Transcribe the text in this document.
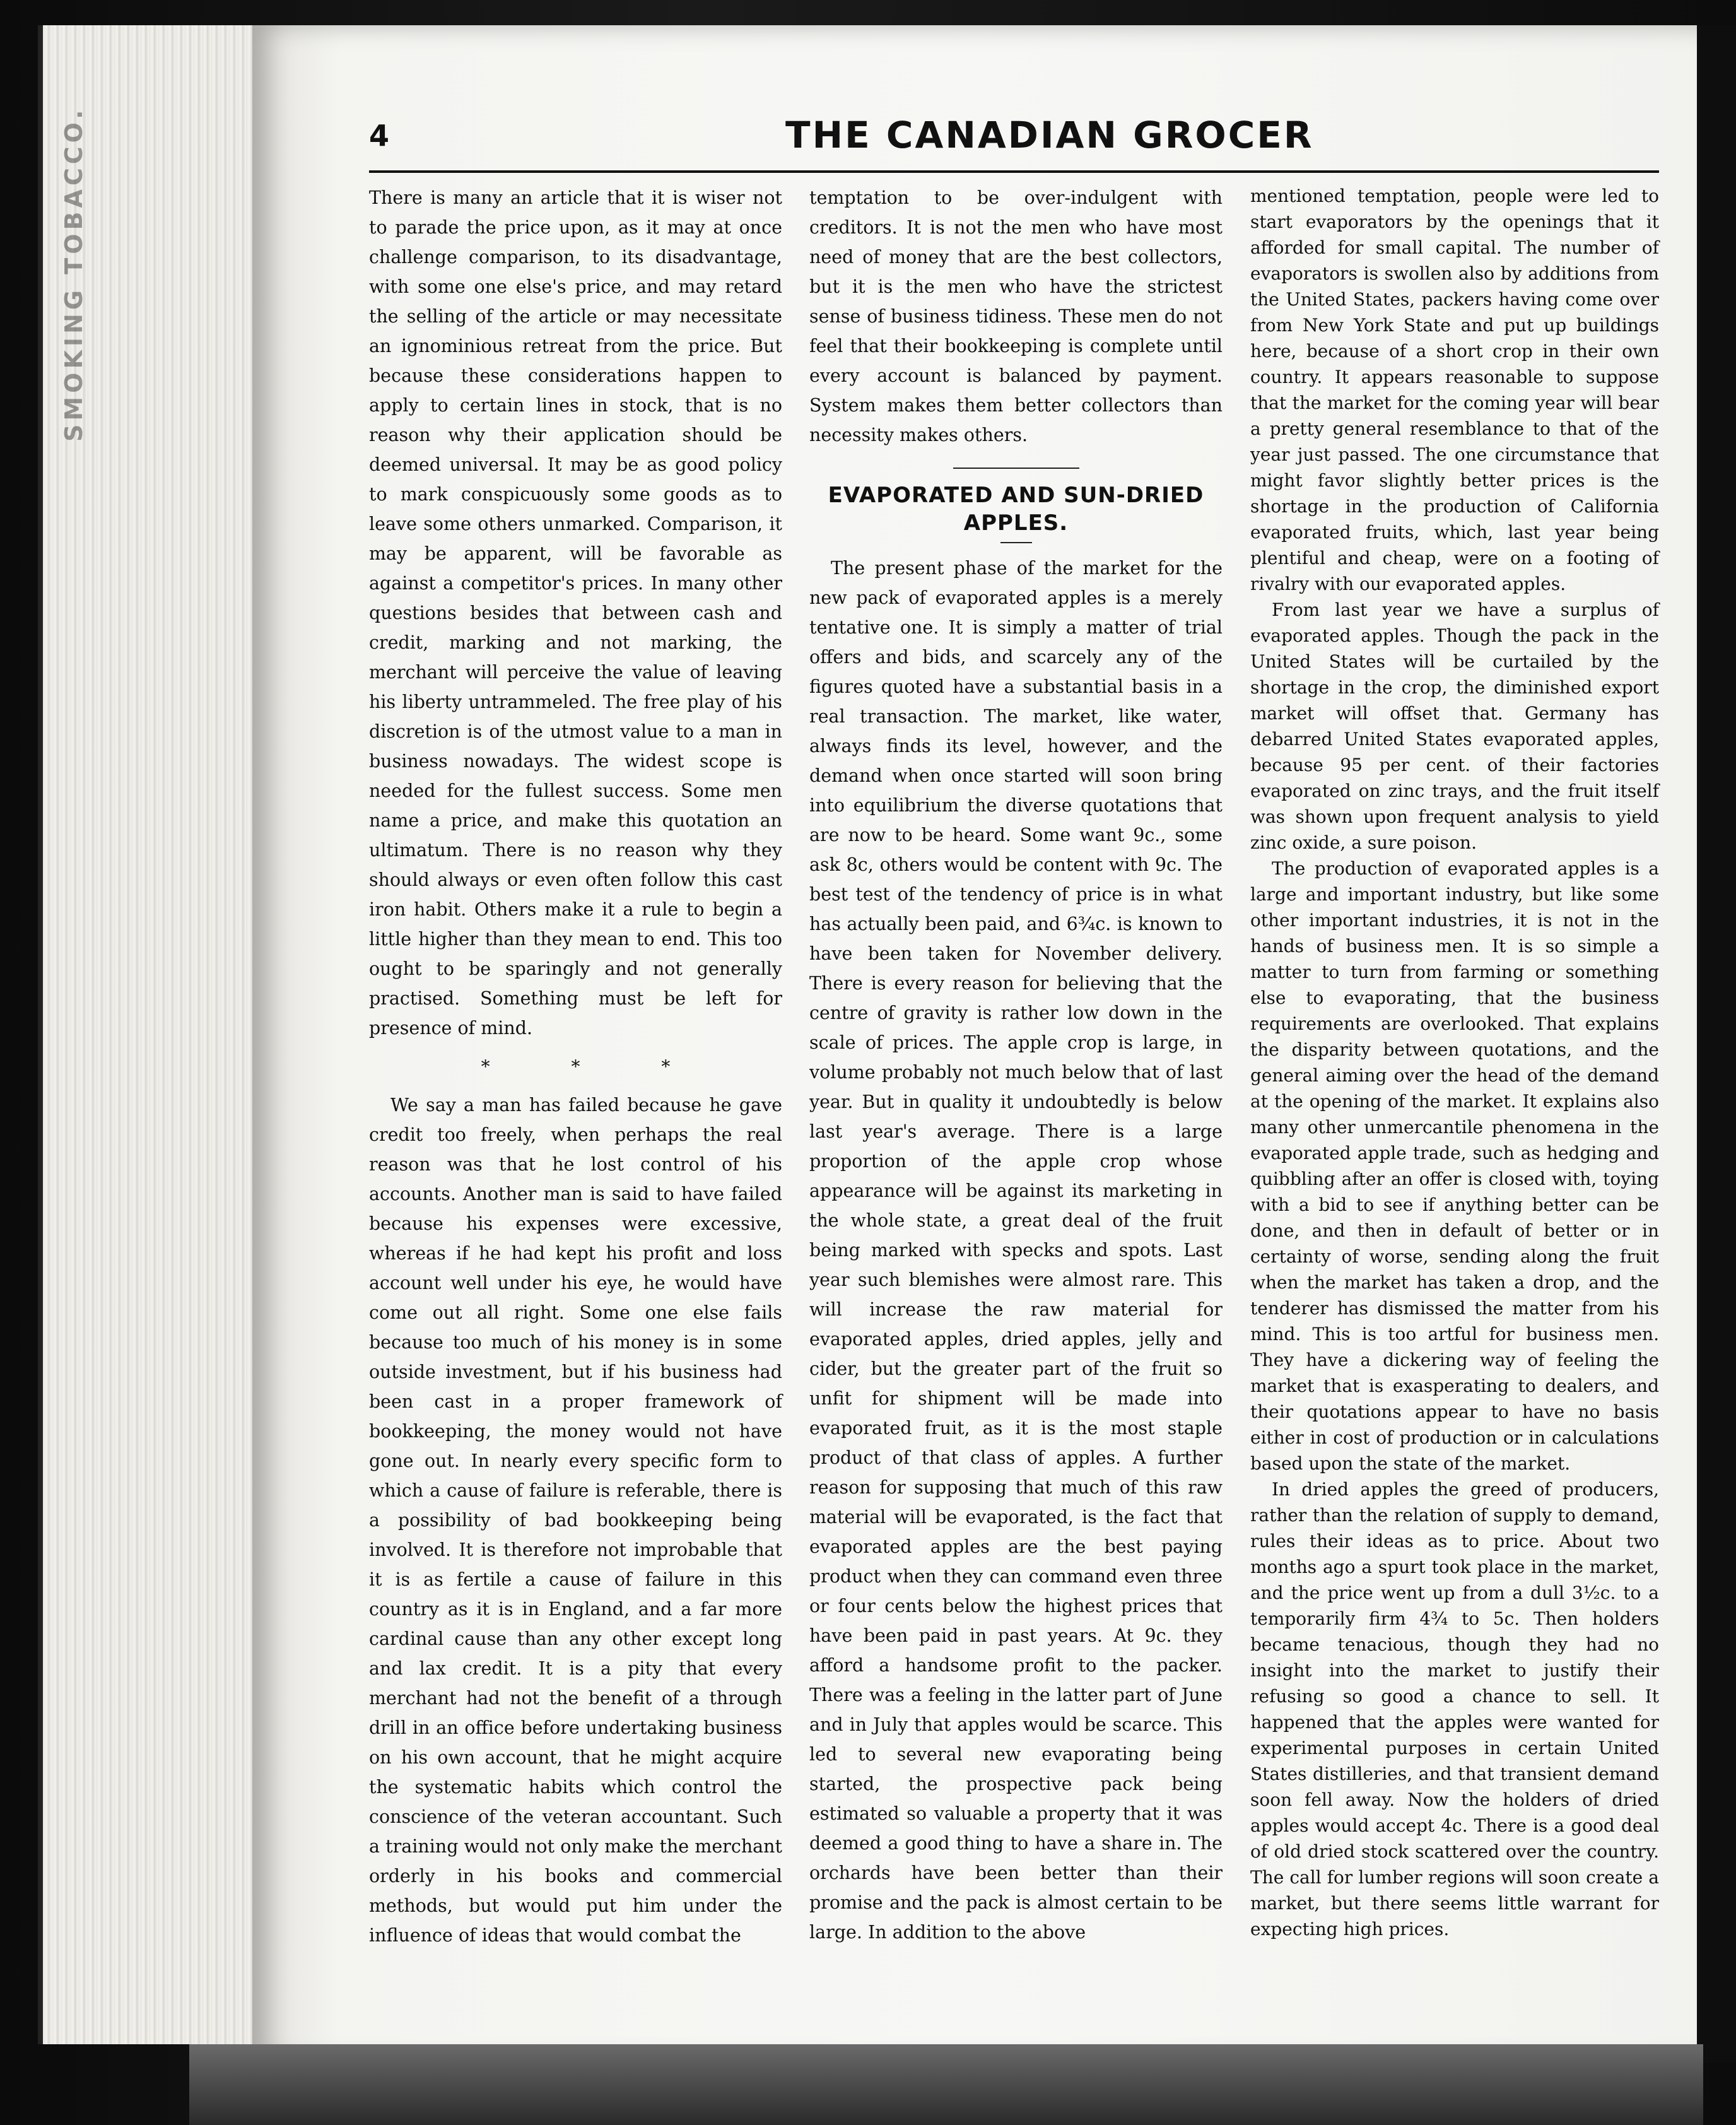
SMOKING TOBACCO.	4	THE CANADIAN GROCER

There is many an article that it is wiser not to parade the price upon, as it may at once challenge comparison, to its disadvantage, with some one else's price, and may retard the selling of the article or may necessitate an ignominious retreat from the price. But because these considerations happen to apply to certain lines in stock, that is no reason why their application should be deemed universal. It may be as good policy to mark conspicuously some goods as to leave some others unmarked. Comparison, it may be apparent, will be favorable as against a competitor's prices. In many other questions besides that between cash and credit, marking and not marking, the merchant will perceive the value of leaving his liberty untrammeled. The free play of his discretion is of the utmost value to a man in business nowadays. The widest scope is needed for the fullest success. Some men name a price, and make this quotation an ultimatum. There is no reason why they should always or even often follow this cast iron habit. Others make it a rule to begin a little higher than they mean to end. This too ought to be sparingly and not generally practised. Something must be left for presence of mind.

* * *

We say a man has failed because he gave credit too freely, when perhaps the real reason was that he lost control of his accounts. Another man is said to have failed because his expenses were excessive, whereas if he had kept his profit and loss account well under his eye, he would have come out all right. Some one else fails because too much of his money is in some outside investment, but if his business had been cast in a proper framework of bookkeeping, the money would not have gone out. In nearly every specific form to which a cause of failure is referable, there is a possibility of bad bookkeeping being involved. It is therefore not improbable that it is as fertile a cause of failure in this country as it is in England, and a far more cardinal cause than any other except long and lax credit. It is a pity that every merchant had not the benefit of a through drill in an office before undertaking business on his own account, that he might acquire the systematic habits which control the conscience of the veteran accountant. Such a training would not only make the merchant orderly in his books and commercial methods, but would put him under the influence of ideas that would combat the

temptation to be over-indulgent with creditors. It is not the men who have most need of money that are the best collectors, but it is the men who have the strictest sense of business tidiness. These men do not feel that their bookkeeping is complete until every account is balanced by payment. System makes them better collectors than necessity makes others.

EVAPORATED AND SUN-DRIED APPLES.

The present phase of the market for the new pack of evaporated apples is a merely tentative one. It is simply a matter of trial offers and bids, and scarcely any of the figures quoted have a substantial basis in a real transaction. The market, like water, always finds its level, however, and the demand when once started will soon bring into equilibrium the diverse quotations that are now to be heard. Some want 9c., some ask 8c, others would be content with 9c. The best test of the tendency of price is in what has actually been paid, and 6¾c. is known to have been taken for November delivery. There is every reason for believing that the centre of gravity is rather low down in the scale of prices. The apple crop is large, in volume probably not much below that of last year. But in quality it undoubtedly is below last year's average. There is a large proportion of the apple crop whose appearance will be against its marketing in the whole state, a great deal of the fruit being marked with specks and spots. Last year such blemishes were almost rare. This will increase the raw material for evaporated apples, dried apples, jelly and cider, but the greater part of the fruit so unfit for shipment will be made into evaporated fruit, as it is the most staple product of that class of apples. A further reason for supposing that much of this raw material will be evaporated, is the fact that evaporated apples are the best paying product when they can command even three or four cents below the highest prices that have been paid in past years. At 9c. they afford a handsome profit to the packer. There was a feeling in the latter part of June and in July that apples would be scarce. This led to several new evaporating being started, the prospective pack being estimated so valuable a property that it was deemed a good thing to have a share in. The orchards have been better than their promise and the pack is almost certain to be large. In addition to the above

mentioned temptation, people were led to start evaporators by the openings that it afforded for small capital. The number of evaporators is swollen also by additions from the United States, packers having come over from New York State and put up buildings here, because of a short crop in their own country. It appears reasonable to suppose that the market for the coming year will bear a pretty general resemblance to that of the year just passed. The one circumstance that might favor slightly better prices is the shortage in the production of California evaporated fruits, which, last year being plentiful and cheap, were on a footing of rivalry with our evaporated apples.

From last year we have a surplus of evaporated apples. Though the pack in the United States will be curtailed by the shortage in the crop, the diminished export market will offset that. Germany has debarred United States evaporated apples, because 95 per cent. of their factories evaporated on zinc trays, and the fruit itself was shown upon frequent analysis to yield zinc oxide, a sure poison.

The production of evaporated apples is a large and important industry, but like some other important industries, it is not in the hands of business men. It is so simple a matter to turn from farming or something else to evaporating, that the business requirements are overlooked. That explains the disparity between quotations, and the general aiming over the head of the demand at the opening of the market. It explains also many other unmercantile phenomena in the evaporated apple trade, such as hedging and quibbling after an offer is closed with, toying with a bid to see if anything better can be done, and then in default of better or in certainty of worse, sending along the fruit when the market has taken a drop, and the tenderer has dismissed the matter from his mind. This is too artful for business men. They have a dickering way of feeling the market that is exasperating to dealers, and their quotations appear to have no basis either in cost of production or in calculations based upon the state of the market.

In dried apples the greed of producers, rather than the relation of supply to demand, rules their ideas as to price. About two months ago a spurt took place in the market, and the price went up from a dull 3½c. to a temporarily firm 4¾ to 5c. Then holders became tenacious, though they had no insight into the market to justify their refusing so good a chance to sell. It happened that the apples were wanted for experimental purposes in certain United States distilleries, and that transient demand soon fell away. Now the holders of dried apples would accept 4c. There is a good deal of old dried stock scattered over the country. The call for lumber regions will soon create a market, but there seems little warrant for expecting high prices.
